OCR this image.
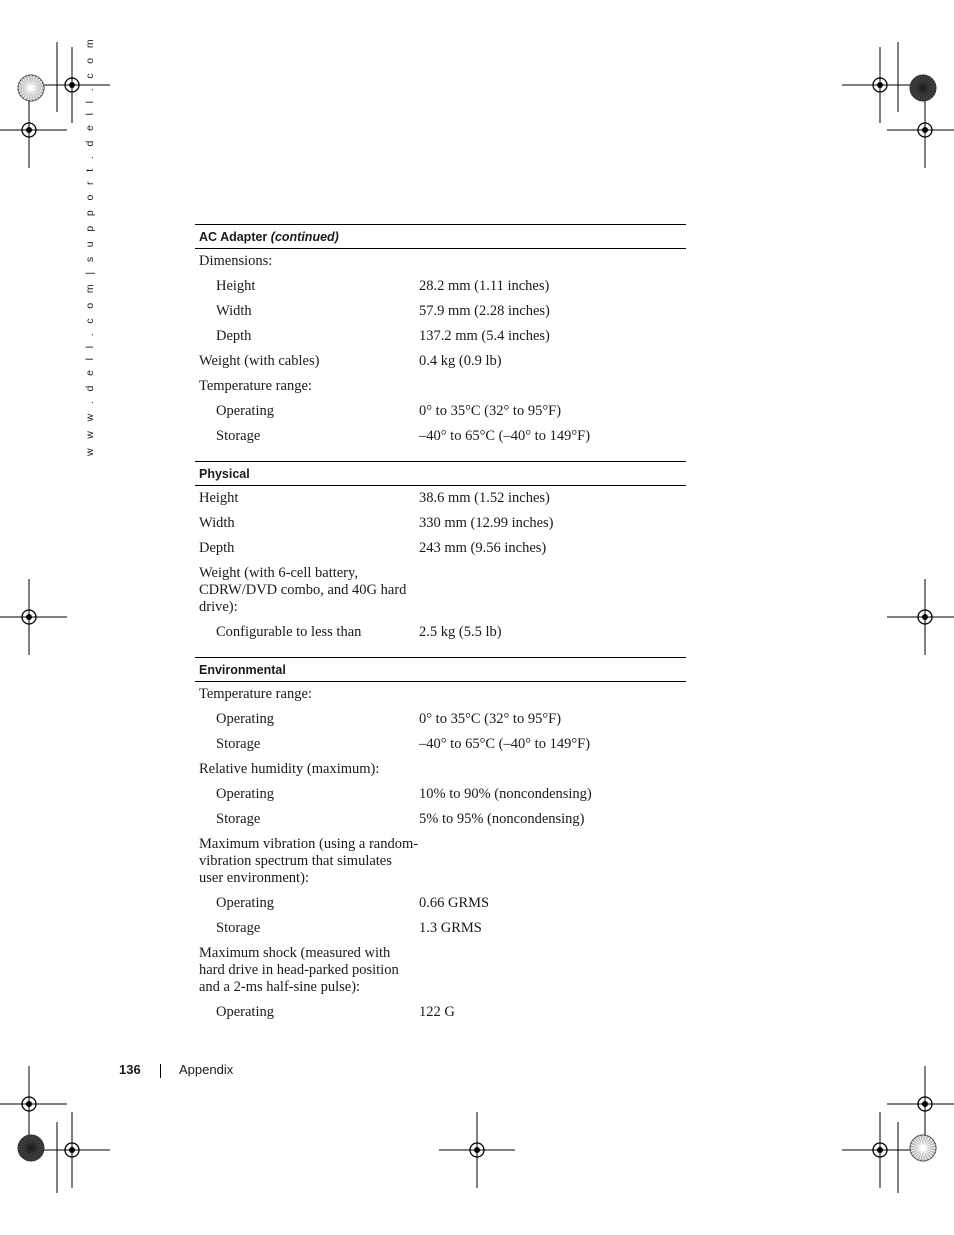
w w w . d e l l . c o m | s u p p o r t . d e l l . c o m	AC Adapter (continued)
Dimensions:
Height	28.2 mm (1.11 inches)
Width	57.9 mm (2.28 inches)
Depth	137.2 mm (5.4 inches)
Weight (with cables)	0.4 kg (0.9 lb)
Temperature range:
Operating	0° to 35°C (32° to 95°F)
Storage	–40° to 65°C (–40° to 149°F)
Physical
Height	38.6 mm (1.52 inches)
Width	330 mm (12.99 inches)
Depth	243 mm (9.56 inches)
Weight (with 6-cell battery, CDRW/DVD combo, and 40G hard drive):
Configurable to less than	2.5 kg (5.5 lb)
Environmental
Temperature range:
Operating	0° to 35°C (32° to 95°F)
Storage	–40° to 65°C (–40° to 149°F)
Relative humidity (maximum):
Operating	10% to 90% (noncondensing)
Storage	5% to 95% (noncondensing)
Maximum vibration (using a random-vibration spectrum that simulates user environment):
Operating	0.66 GRMS
Storage	1.3 GRMS
Maximum shock (measured with hard drive in head-parked position and a 2-ms half-sine pulse):
Operating	122 G
136	Appendix
